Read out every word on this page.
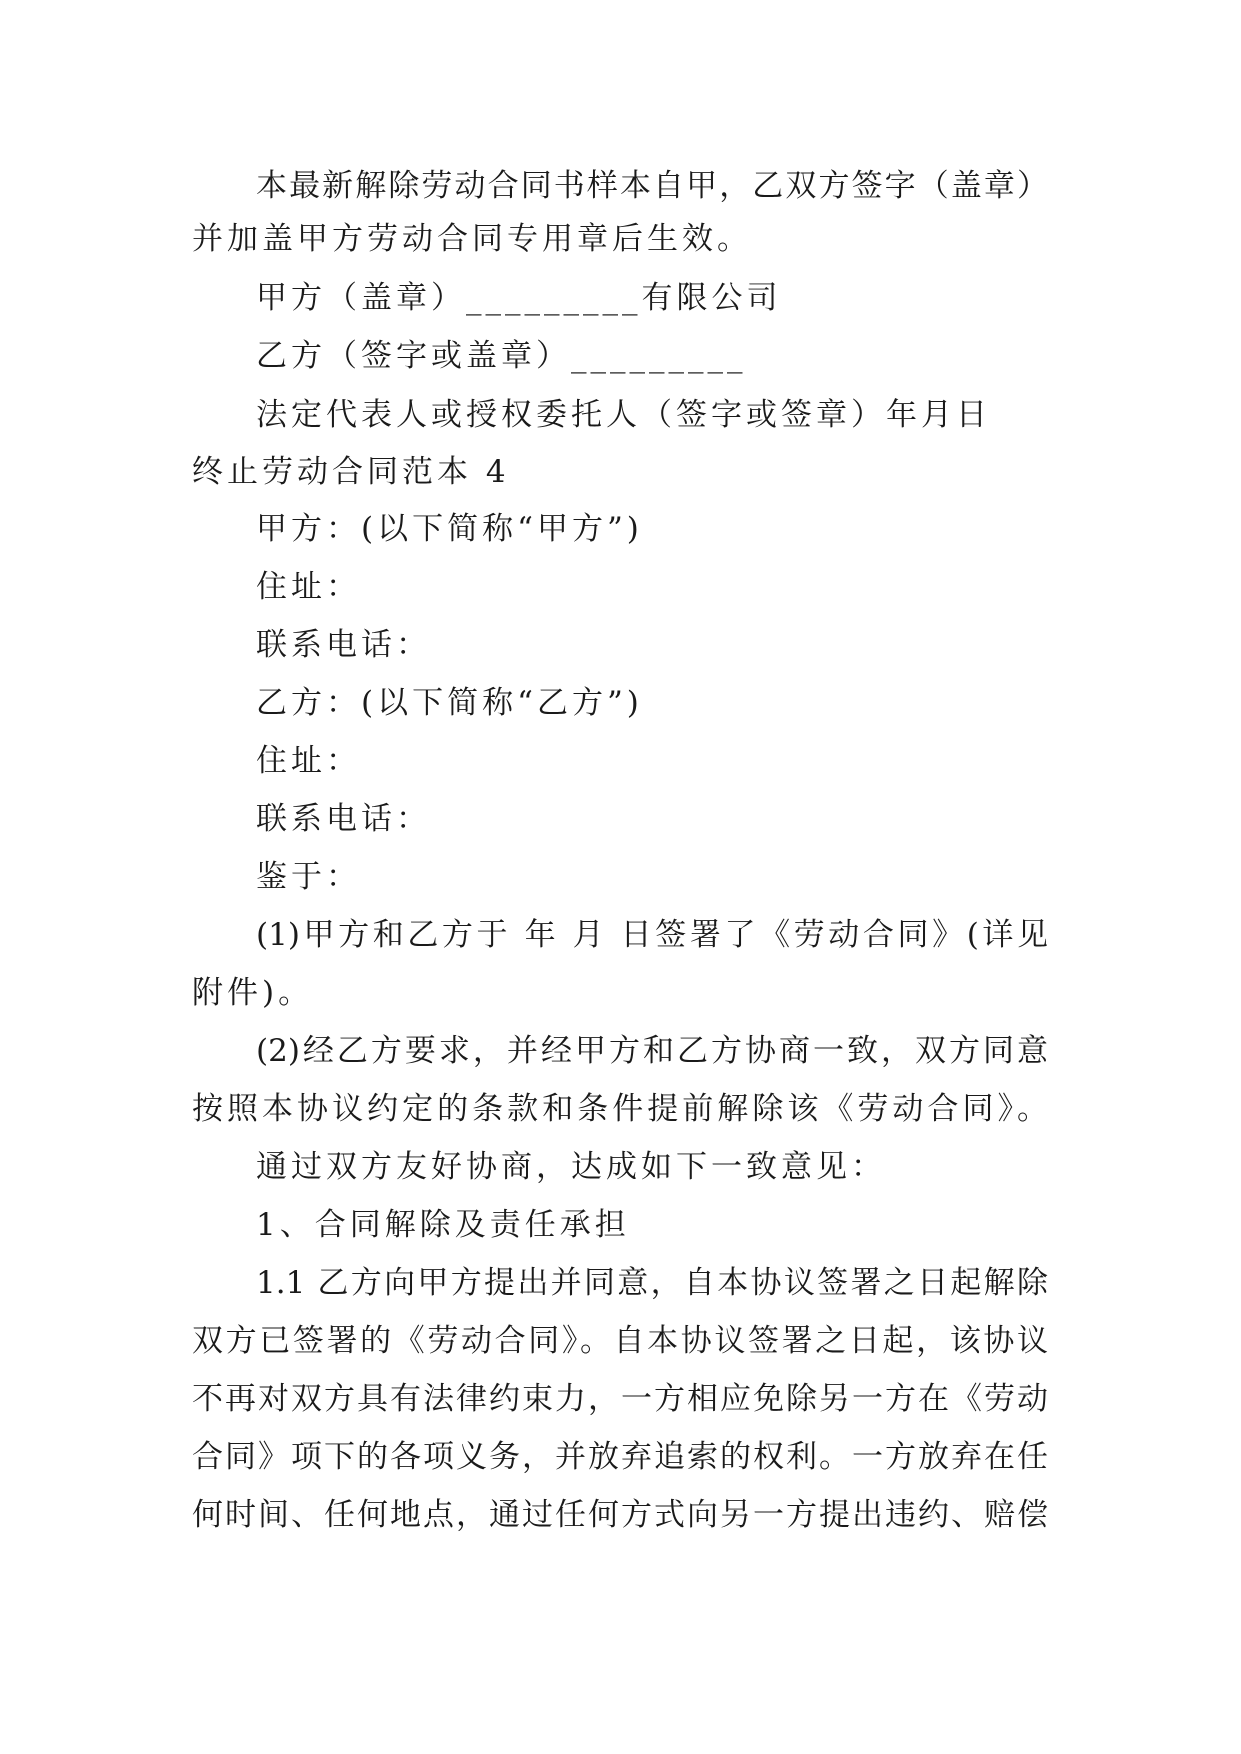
本最新解除劳动合同书样本自甲，乙双方签字（盖章）
并加盖甲方劳动合同专用章后生效。
甲方（盖章）_________有限公司
乙方（签字或盖章）_________
法定代表人或授权委托人（签字或签章）年月日
终止劳动合同范本 4
甲方：(以下简称“甲方”)
住址：
联系电话：
乙方：(以下简称“乙方”)
住址：
联系电话：
鉴于：
(1)甲方和乙方于 年 月 日签署了《劳动合同》(详见
附件)。
(2)经乙方要求，并经甲方和乙方协商一致，双方同意
按照本协议约定的条款和条件提前解除该《劳动合同》。
通过双方友好协商，达成如下一致意见：
1、合同解除及责任承担
1.1 乙方向甲方提出并同意，自本协议签署之日起解除
双方已签署的《劳动合同》。自本协议签署之日起，该协议
不再对双方具有法律约束力，一方相应免除另一方在《劳动
合同》项下的各项义务，并放弃追索的权利。一方放弃在任
何时间、任何地点，通过任何方式向另一方提出违约、赔偿
